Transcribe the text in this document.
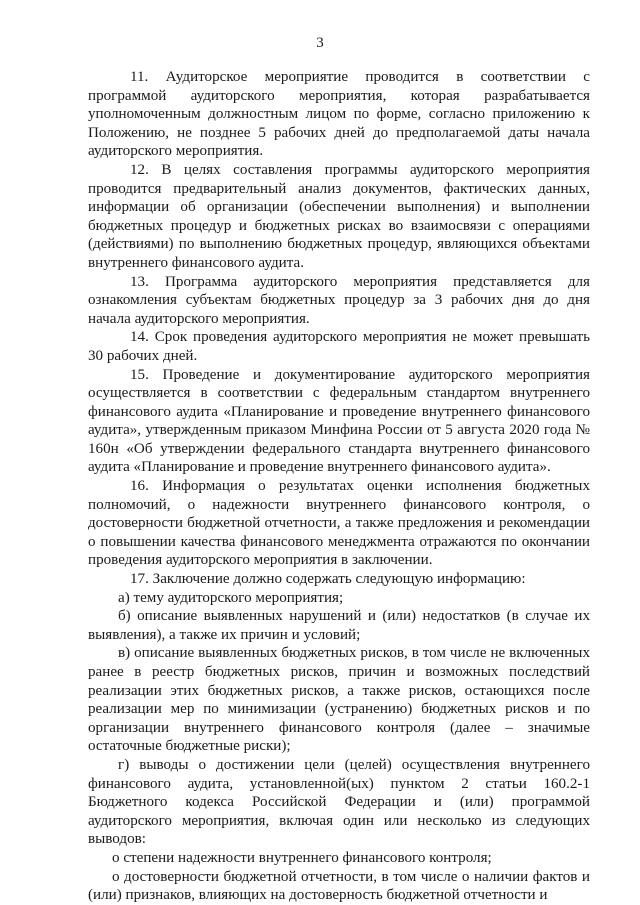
3

11. Аудиторское мероприятие проводится в соответствии с программой аудиторского мероприятия, которая разрабатывается уполномоченным должностным лицом по форме, согласно приложению к Положению, не позднее 5 рабочих дней до предполагаемой даты начала аудиторского мероприятия.

12. В целях составления программы аудиторского мероприятия проводится предварительный анализ документов, фактических данных, информации об организации (обеспечении выполнения) и выполнении бюджетных процедур и бюджетных рисках во взаимосвязи с операциями (действиями) по выполнению бюджетных процедур, являющихся объектами внутреннего финансового аудита.

13. Программа аудиторского мероприятия представляется для ознакомления субъектам бюджетных процедур за 3 рабочих дня до дня начала аудиторского мероприятия.

14. Срок проведения аудиторского мероприятия не может превышать 30 рабочих дней.

15. Проведение и документирование аудиторского мероприятия осуществляется в соответствии с федеральным стандартом внутреннего финансового аудита «Планирование и проведение внутреннего финансового аудита», утвержденным приказом Минфина России от 5 августа 2020 года № 160н «Об утверждении федерального стандарта внутреннего финансового аудита «Планирование и проведение внутреннего финансового аудита».

16. Информация о результатах оценки исполнения бюджетных полномочий, о надежности внутреннего финансового контроля, о достоверности бюджетной отчетности, а также предложения и рекомендации о повышении качества финансового менеджмента отражаются по окончании проведения аудиторского мероприятия в заключении.

17. Заключение должно содержать следующую информацию:

а) тему аудиторского мероприятия;

б) описание выявленных нарушений и (или) недостатков (в случае их выявления), а также их причин и условий;

в) описание выявленных бюджетных рисков, в том числе не включенных ранее в реестр бюджетных рисков, причин и возможных последствий реализации этих бюджетных рисков, а также рисков, остающихся после реализации мер по минимизации (устранению) бюджетных рисков и по организации внутреннего финансового контроля (далее – значимые остаточные бюджетные риски);

г) выводы о достижении цели (целей) осуществления внутреннего финансового аудита, установленной(ых) пунктом 2 статьи 160.2-1 Бюджетного кодекса Российской Федерации и (или) программой аудиторского мероприятия, включая один или несколько из следующих выводов:

о степени надежности внутреннего финансового контроля;

о достоверности бюджетной отчетности, в том числе о наличии фактов и (или) признаков, влияющих на достоверность бюджетной отчетности и
